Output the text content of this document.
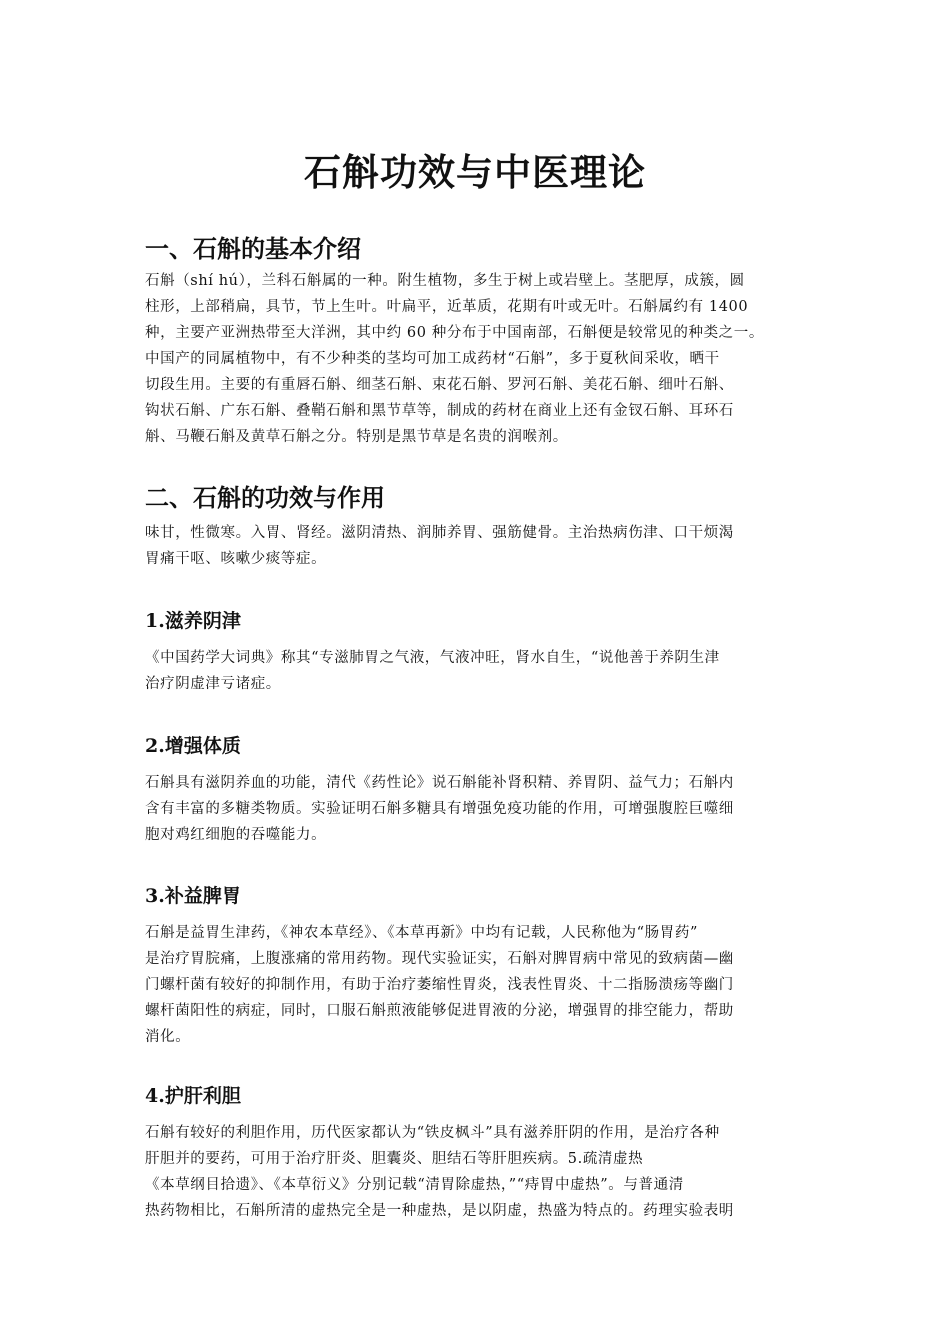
石斛功效与中医理论
一、石斛的基本介绍
石斛（shí hú），兰科石斛属的一种。附生植物，多生于树上或岩壁上。茎肥厚，成簇，圆
柱形，上部稍扁，具节，节上生叶。叶扁平，近革质，花期有叶或无叶。石斛属约有 1400
种，主要产亚洲热带至大洋洲，其中约 60 种分布于中国南部，石斛便是较常见的种类之一。
中国产的同属植物中，有不少种类的茎均可加工成药材“石斛”，多于夏秋间采收，晒干
切段生用。主要的有重唇石斛、细茎石斛、束花石斛、罗河石斛、美花石斛、细叶石斛、
钩状石斛、广东石斛、叠鞘石斛和黑节草等，制成的药材在商业上还有金钗石斛、耳环石
斛、马鞭石斛及黄草石斛之分。特别是黑节草是名贵的润喉剂。
二、石斛的功效与作用
味甘，性微寒。入胃、肾经。滋阴清热、润肺养胃、强筋健骨。主治热病伤津、口干烦渴
胃痛干呕、咳嗽少痰等症。
1.滋养阴津
《中国药学大词典》称其“专滋肺胃之气液，气液冲旺，肾水自生，“说他善于养阴生津
治疗阴虚津亏诸症。
2.增强体质
石斛具有滋阴养血的功能，清代《药性论》说石斛能补肾积精、养胃阴、益气力；石斛内
含有丰富的多糖类物质。实验证明石斛多糖具有增强免疫功能的作用，可增强腹腔巨噬细
胞对鸡红细胞的吞噬能力。
3.补益脾胃
石斛是益胃生津药，《神农本草经》、《本草再新》中均有记载，人民称他为“肠胃药”
是治疗胃脘痛，上腹涨痛的常用药物。现代实验证实，石斛对脾胃病中常见的致病菌—幽
门螺杆菌有较好的抑制作用，有助于治疗萎缩性胃炎，浅表性胃炎、十二指肠溃疡等幽门
螺杆菌阳性的病症，同时，口服石斛煎液能够促进胃液的分泌，增强胃的排空能力，帮助
消化。
4.护肝利胆
石斛有较好的利胆作用，历代医家都认为“铁皮枫斗”具有滋养肝阴的作用，是治疗各种
肝胆并的要药，可用于治疗肝炎、胆囊炎、胆结石等肝胆疾病。5.疏清虚热
《本草纲目拾遗》、《本草衍义》分别记载“清胃除虚热，”“痔胃中虚热”。与普通清
热药物相比，石斛所清的虚热完全是一种虚热，是以阴虚，热盛为特点的。药理实验表明
